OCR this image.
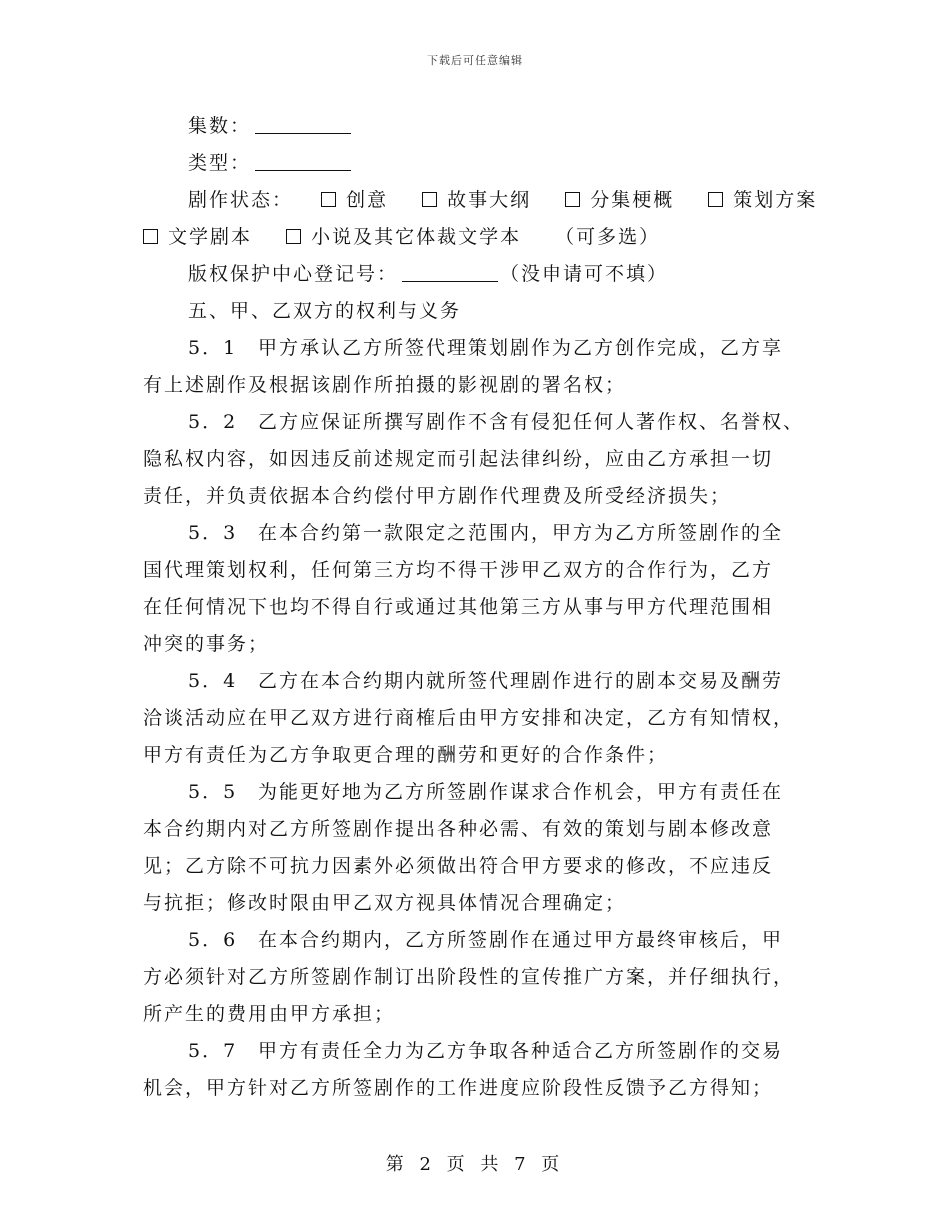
下载后可任意编辑
集数：
类型：
剧作状态：	创意	故事大纲	分集梗概	策划方案
文学剧本	小说及其它体裁文学本 （可多选）
版权保护中心登记号：	（没申请可不填）
五、甲、乙双方的权利与义务
5．1 甲方承认乙方所签代理策划剧作为乙方创作完成，乙方享
有上述剧作及根据该剧作所拍摄的影视剧的署名权；
5．2 乙方应保证所撰写剧作不含有侵犯任何人著作权、名誉权、
隐私权内容，如因违反前述规定而引起法律纠纷，应由乙方承担一切
责任，并负责依据本合约偿付甲方剧作代理费及所受经济损失；
5．3 在本合约第一款限定之范围内，甲方为乙方所签剧作的全
国代理策划权利，任何第三方均不得干涉甲乙双方的合作行为，乙方
在任何情况下也均不得自行或通过其他第三方从事与甲方代理范围相
冲突的事务；
5．4 乙方在本合约期内就所签代理剧作进行的剧本交易及酬劳
洽谈活动应在甲乙双方进行商榷后由甲方安排和决定，乙方有知情权，
甲方有责任为乙方争取更合理的酬劳和更好的合作条件；
5．5 为能更好地为乙方所签剧作谋求合作机会，甲方有责任在
本合约期内对乙方所签剧作提出各种必需、有效的策划与剧本修改意
见；乙方除不可抗力因素外必须做出符合甲方要求的修改，不应违反
与抗拒；修改时限由甲乙双方视具体情况合理确定；
5．6 在本合约期内，乙方所签剧作在通过甲方最终审核后，甲
方必须针对乙方所签剧作制订出阶段性的宣传推广方案，并仔细执行，
所产生的费用由甲方承担；
5．7 甲方有责任全力为乙方争取各种适合乙方所签剧作的交易
机会，甲方针对乙方所签剧作的工作进度应阶段性反馈予乙方得知；
第 2 页 共 7 页
